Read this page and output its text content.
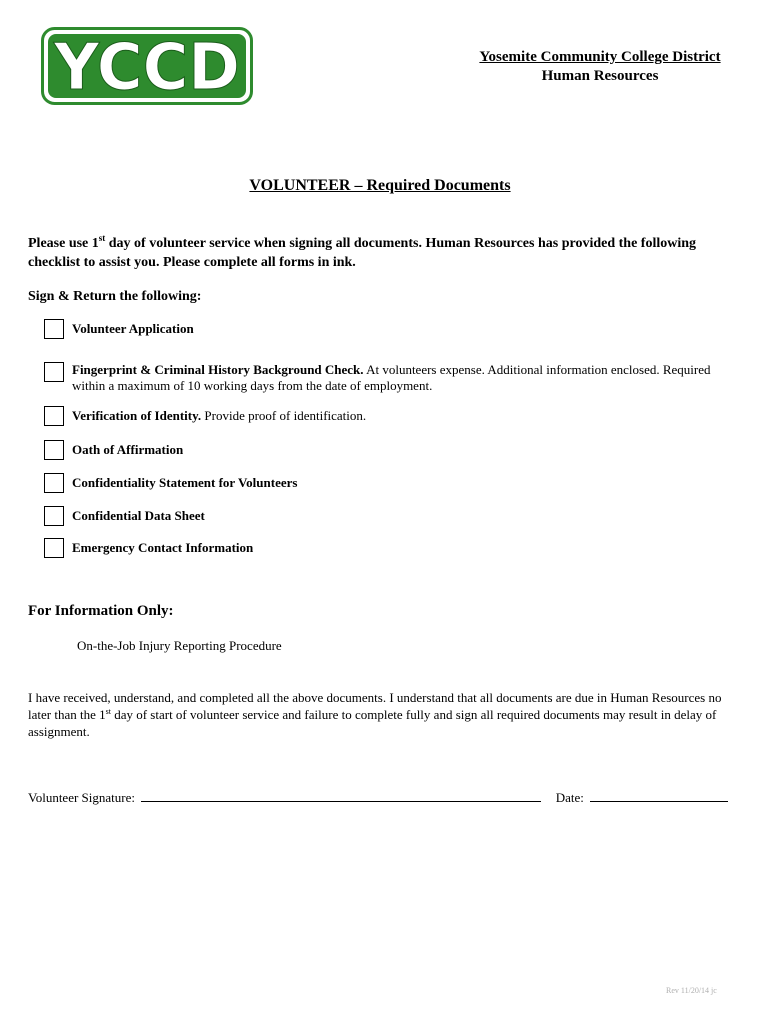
YCCD	Yosemite Community College District
Human Resources
VOLUNTEER – Required Documents
Please use 1st day of volunteer service when signing all documents. Human Resources has provided the following checklist to assist you. Please complete all forms in ink.
Sign & Return the following:
Volunteer Application
Fingerprint & Criminal History Background Check. At volunteers expense. Additional information enclosed. Required within a maximum of 10 working days from the date of employment.
Verification of Identity. Provide proof of identification.
Oath of Affirmation
Confidentiality Statement for Volunteers
Confidential Data Sheet
Emergency Contact Information
For Information Only:
On-the-Job Injury Reporting Procedure
I have received, understand, and completed all the above documents. I understand that all documents are due in Human Resources no later than the 1st day of start of volunteer service and failure to complete fully and sign all required documents may result in delay of assignment.
Volunteer Signature:	Date:
Rev 11/20/14 jc
